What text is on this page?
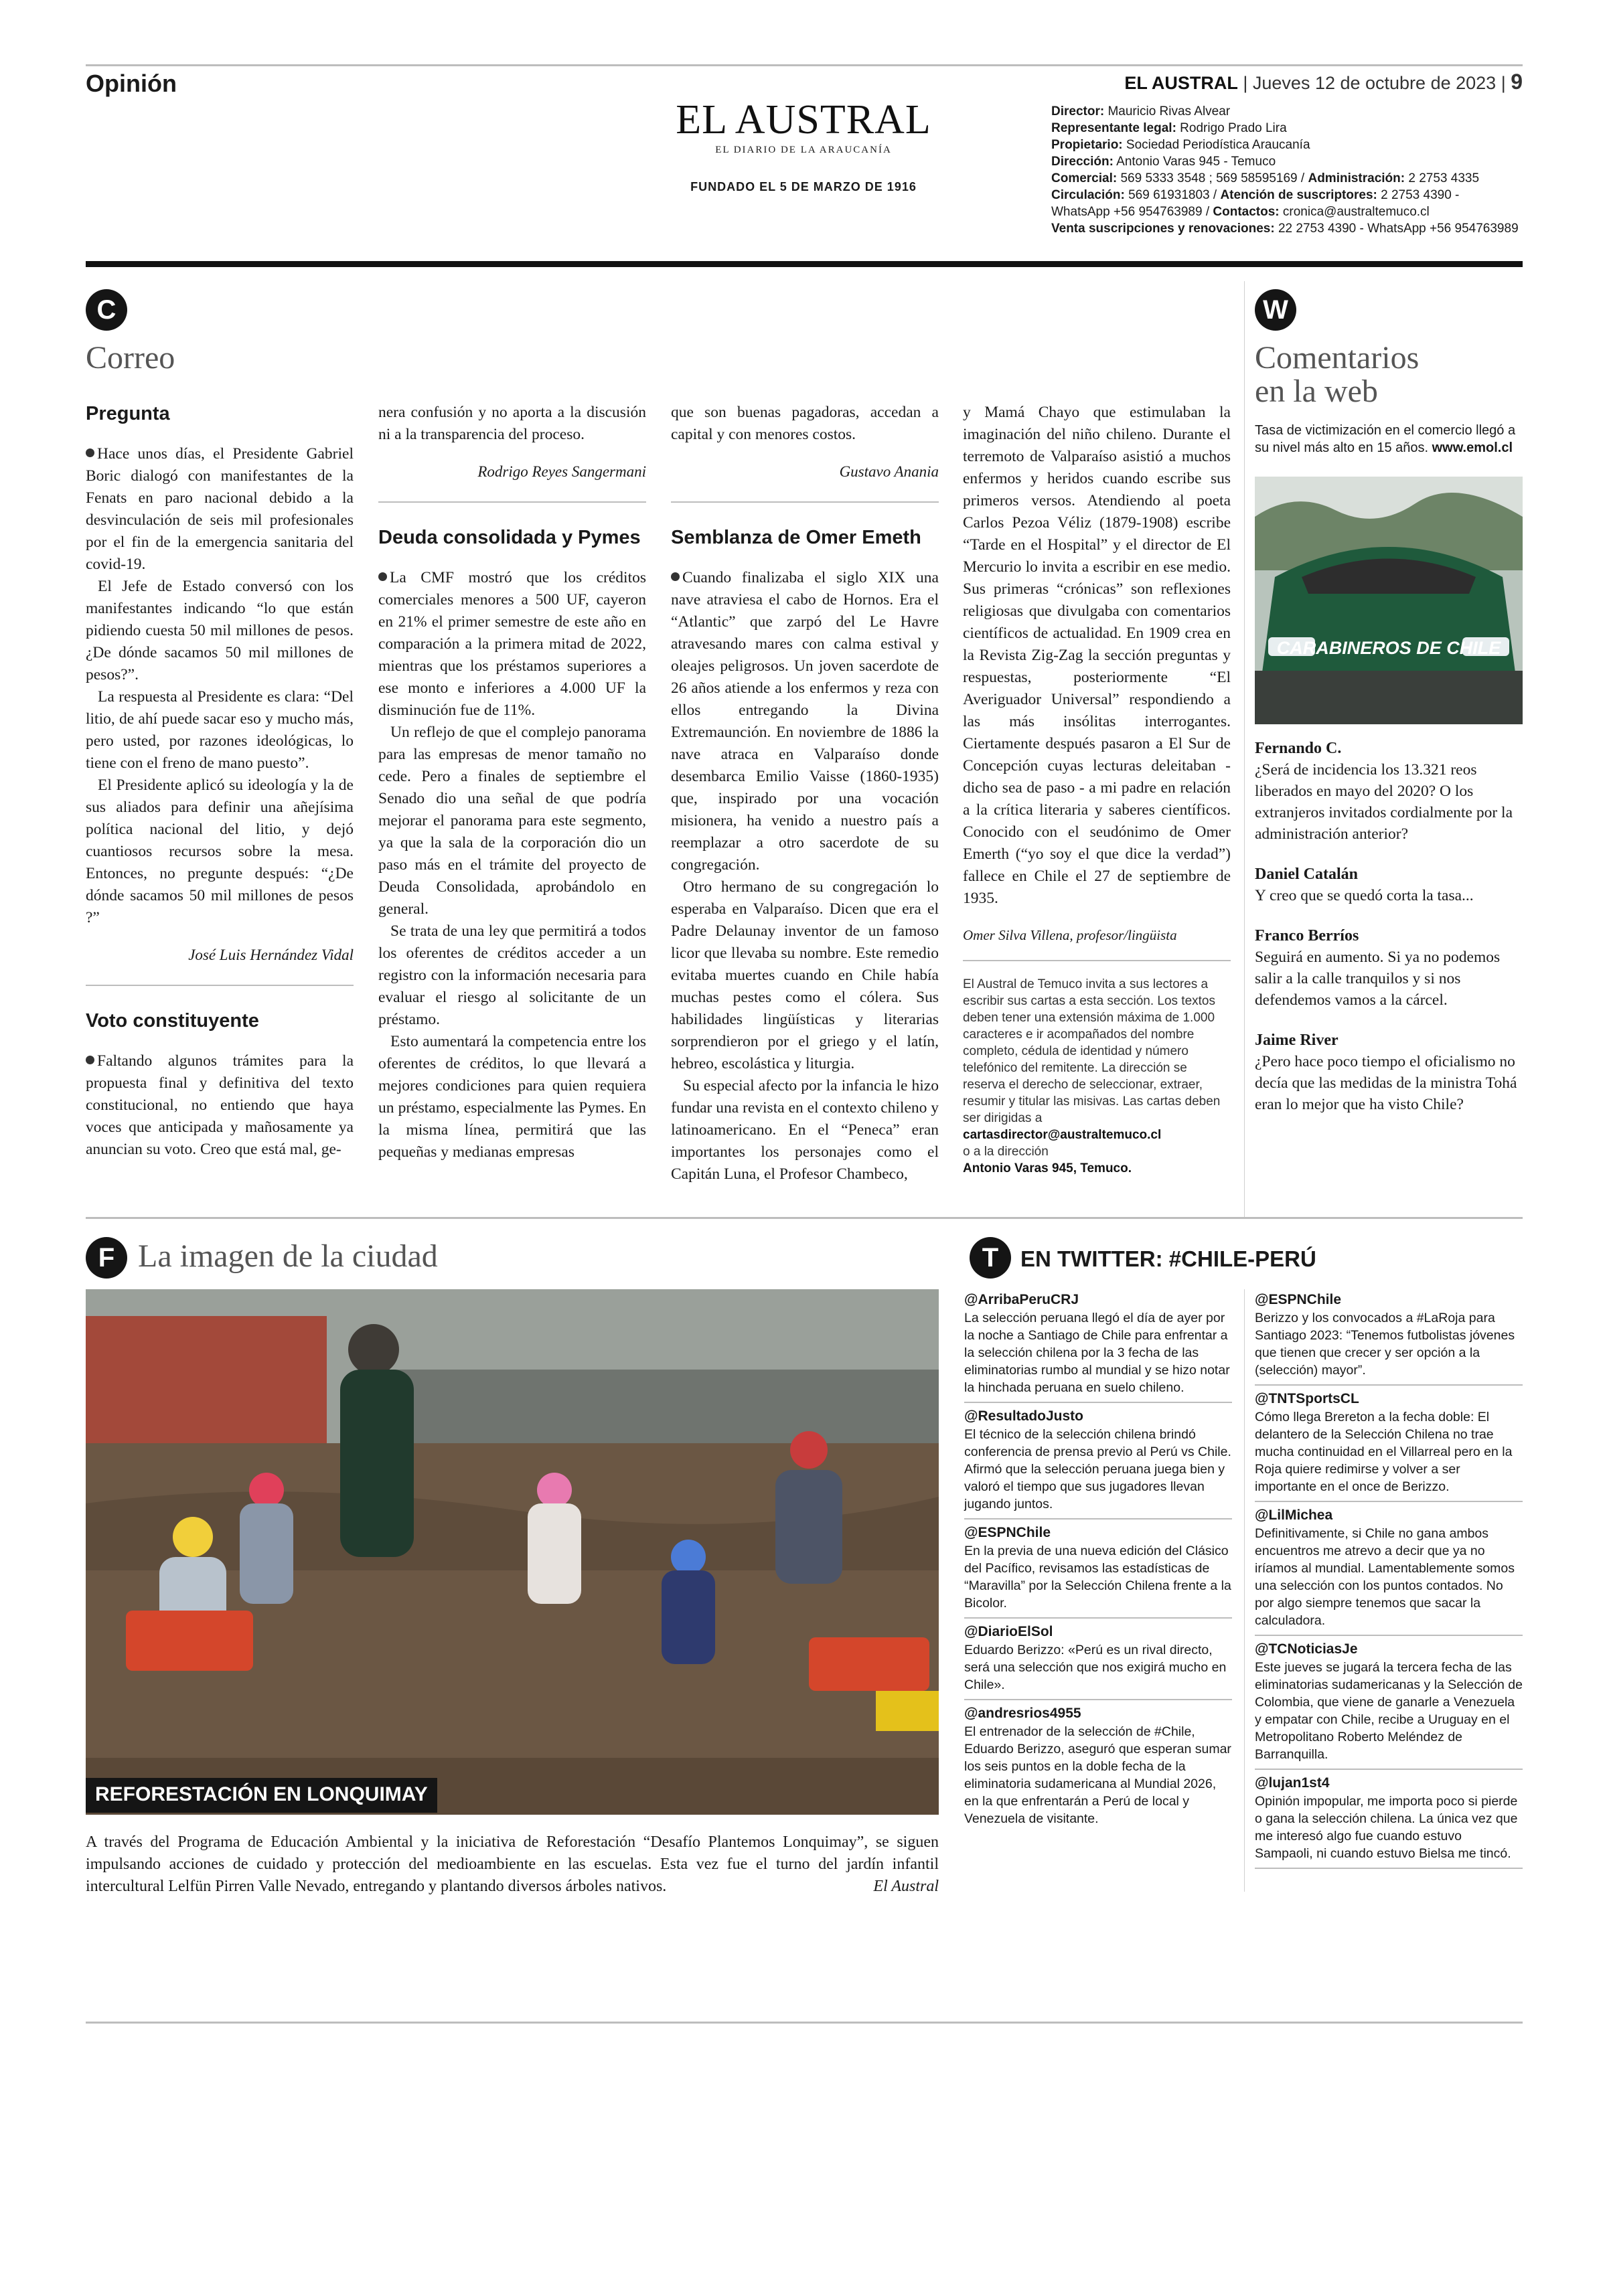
Opinión	EL AUSTRAL | Jueves 12 de octubre de 2023 | 9
EL AUSTRAL
EL DIARIO DE LA ARAUCANÍA
FUNDADO EL 5 DE MARZO DE 1916
Director: Mauricio Rivas Alvear
Representante legal: Rodrigo Prado Lira
Propietario: Sociedad Periodística Araucanía
Dirección: Antonio Varas 945 - Temuco
Comercial: 569 5333 3548 ; 569 58595169 / Administración: 2 2753 4335
Circulación: 569 61931803 / Atención de suscriptores: 2 2753 4390 -
WhatsApp +56 954763989 / Contactos: cronica@australtemuco.cl
Venta suscripciones y renovaciones: 22 2753 4390 - WhatsApp +56 954763989
C
Correo
Pregunta

Hace unos días, el Presidente Gabriel Boric dialogó con manifestantes de la Fenats en paro nacional debido a la desvinculación de seis mil profesionales por el fin de la emergencia sanitaria del covid-19.

El Jefe de Estado conversó con los manifestantes indicando “lo que están pidiendo cuesta 50 mil millones de pesos. ¿De dónde sacamos 50 mil millones de pesos?”.

La respuesta al Presidente es clara: “Del litio, de ahí puede sacar eso y mucho más, pero usted, por razones ideológicas, lo tiene con el freno de mano puesto”.

El Presidente aplicó su ideología y la de sus aliados para definir una añejísima política nacional del litio, y dejó cuantiosos recursos sobre la mesa. Entonces, no pregunte después: “¿De dónde sacamos 50 mil millones de pesos ?”

José Luis Hernández Vidal
Voto constituyente

Faltando algunos trámites para la propuesta final y definitiva del texto constitucional, no entiendo que haya voces que anticipada y mañosamente ya anuncian su voto. Creo que está mal, ge-

nera confusión y no aporta a la discusión ni a la transparencia del proceso.

Rodrigo Reyes Sangermani
Deuda consolidada y Pymes

La CMF mostró que los créditos comerciales menores a 500 UF, cayeron en 21% el primer semestre de este año en comparación a la primera mitad de 2022, mientras que los préstamos superiores a ese monto e inferiores a 4.000 UF la disminución fue de 11%.

Un reflejo de que el complejo panorama para las empresas de menor tamaño no cede. Pero a finales de septiembre el Senado dio una señal de que podría mejorar el panorama para este segmento, ya que la sala de la corporación dio un paso más en el trámite del proyecto de Deuda Consolidada, aprobándolo en general.

Se trata de una ley que permitirá a todos los oferentes de créditos acceder a un registro con la información necesaria para evaluar el riesgo al solicitante de un préstamo.

Esto aumentará la competencia entre los oferentes de créditos, lo que llevará a mejores condiciones para quien requiera un préstamo, especialmente las Pymes. En la misma línea, permitirá que las pequeñas y medianas empresas

que son buenas pagadoras, accedan a capital y con menores costos.

Gustavo Anania
Semblanza de Omer Emeth

Cuando finalizaba el siglo XIX una nave atraviesa el cabo de Hornos. Era el “Atlantic” que zarpó del Le Havre atravesando mares con calma estival y oleajes peligrosos. Un joven sacerdote de 26 años atiende a los enfermos y reza con ellos entregando la Divina Extremaunción. En noviembre de 1886 la nave atraca en Valparaíso donde desembarca Emilio Vaisse (1860-1935) que, inspirado por una vocación misionera, ha venido a nuestro país a reemplazar a otro sacerdote de su congregación.

Otro hermano de su congregación lo esperaba en Valparaíso. Dicen que era el Padre Delaunay inventor de un famoso licor que llevaba su nombre. Este remedio evitaba muertes cuando en Chile había muchas pestes como el cólera. Sus habilidades lingüísticas y literarias sorprendieron por el griego y el latín, hebreo, escolástica y liturgia.

Su especial afecto por la infancia le hizo fundar una revista en el contexto chileno y latinoamericano. En el “Peneca” eran importantes los personajes como el Capitán Luna, el Profesor Chambeco,

y Mamá Chayo que estimulaban la imaginación del niño chileno. Durante el terremoto de Valparaíso asistió a muchos enfermos y heridos cuando escribe sus primeros versos. Atendiendo al poeta Carlos Pezoa Véliz (1879-1908) escribe “Tarde en el Hospital” y el director de El Mercurio lo invita a escribir en ese medio. Sus primeras “crónicas” son reflexiones religiosas que divulgaba con comentarios científicos de actualidad. En 1909 crea en la Revista Zig-Zag la sección preguntas y respuestas, posteriormente “El Averiguador Universal” respondiendo a las más insólitas interrogantes. Ciertamente después pasaron a El Sur de Concepción cuyas lecturas deleitaban -dicho sea de paso - a mi padre en relación a la crítica literaria y saberes científicos. Conocido con el seudónimo de Omer Emerth (“yo soy el que dice la verdad”) fallece en Chile el 27 de septiembre de 1935.

Omer Silva Villena, profesor/lingüista
El Austral de Temuco invita a sus lectores a escribir sus cartas a esta sección. Los textos deben tener una extensión máxima de 1.000 caracteres e ir acompañados del nombre completo, cédula de identidad y número telefónico del remitente. La dirección se reserva el derecho de seleccionar, extraer, resumir y titular las misivas. Las cartas deben ser dirigidas a
cartasdirector@australtemuco.cl
o a la dirección
Antonio Varas 945, Temuco.
W
Comentarios
en la web
Tasa de victimización en el comercio llegó a su nivel más alto en 15 años. www.emol.cl
CARABINEROS DE CHILE
Fernando C.
¿Será de incidencia los 13.321 reos liberados en mayo del 2020? O los extranjeros invitados cordialmente por la administración anterior?
Daniel Catalán
Y creo que se quedó corta la tasa...
Franco Berríos
Seguirá en aumento. Si ya no podemos salir a la calle tranquilos y si nos defendemos vamos a la cárcel.
Jaime River
¿Pero hace poco tiempo el oficialismo no decía que las medidas de la ministra Tohá eran lo mejor que ha visto Chile?
F La imagen de la ciudad
REFORESTACIÓN EN LONQUIMAY
A través del Programa de Educación Ambiental y la iniciativa de Reforestación “Desafío Plantemos Lonquimay”, se siguen impulsando acciones de cuidado y protección del medioambiente en las escuelas. Esta vez fue el turno del jardín infantil intercultural Lelfün Pirren Valle Nevado, entregando y plantando diversos árboles nativos.	El Austral
T EN TWITTER: #CHILE-PERÚ
@ArribaPeruCRJ
La selección peruana llegó el día de ayer por la noche a Santiago de Chile para enfrentar a la selección chilena por la 3 fecha de las eliminatorias rumbo al mundial y se hizo notar la hinchada peruana en suelo chileno.
@ResultadoJusto
El técnico de la selección chilena brindó conferencia de prensa previo al Perú vs Chile. Afirmó que la selección peruana juega bien y valoró el tiempo que sus jugadores llevan jugando juntos.
@ESPNChile
En la previa de una nueva edición del Clásico del Pacífico, revisamos las estadísticas de “Maravilla” por la Selección Chilena frente a la Bicolor.
@DiarioElSol
Eduardo Berizzo: «Perú es un rival directo, será una selección que nos exigirá mucho en Chile».
@andresrios4955
El entrenador de la selección de #Chile, Eduardo Berizzo, aseguró que esperan sumar los seis puntos en la doble fecha de la eliminatoria sudamericana al Mundial 2026, en la que enfrentarán a Perú de local y Venezuela de visitante.
@ESPNChile
Berizzo y los convocados a #LaRoja para Santiago 2023: “Tenemos futbolistas jóvenes que tienen que crecer y ser opción a la (selección) mayor”.
@TNTSportsCL
Cómo llega Brereton a la fecha doble: El delantero de la Selección Chilena no trae mucha continuidad en el Villarreal pero en la Roja quiere redimirse y volver a ser importante en el once de Berizzo.
@LilMichea
Definitivamente, si Chile no gana ambos encuentros me atrevo a decir que ya no iríamos al mundial. Lamentablemente somos una selección con los puntos contados. No por algo siempre tenemos que sacar la calculadora.
@TCNoticiasJe
Este jueves se jugará la tercera fecha de las eliminatorias sudamericanas y la Selección de Colombia, que viene de ganarle a Venezuela y empatar con Chile, recibe a Uruguay en el Metropolitano Roberto Meléndez de Barranquilla.
@lujan1st4
Opinión impopular, me importa poco si pierde o gana la selección chilena. La única vez que me interesó algo fue cuando estuvo Sampaoli, ni cuando estuvo Bielsa me tincó.
